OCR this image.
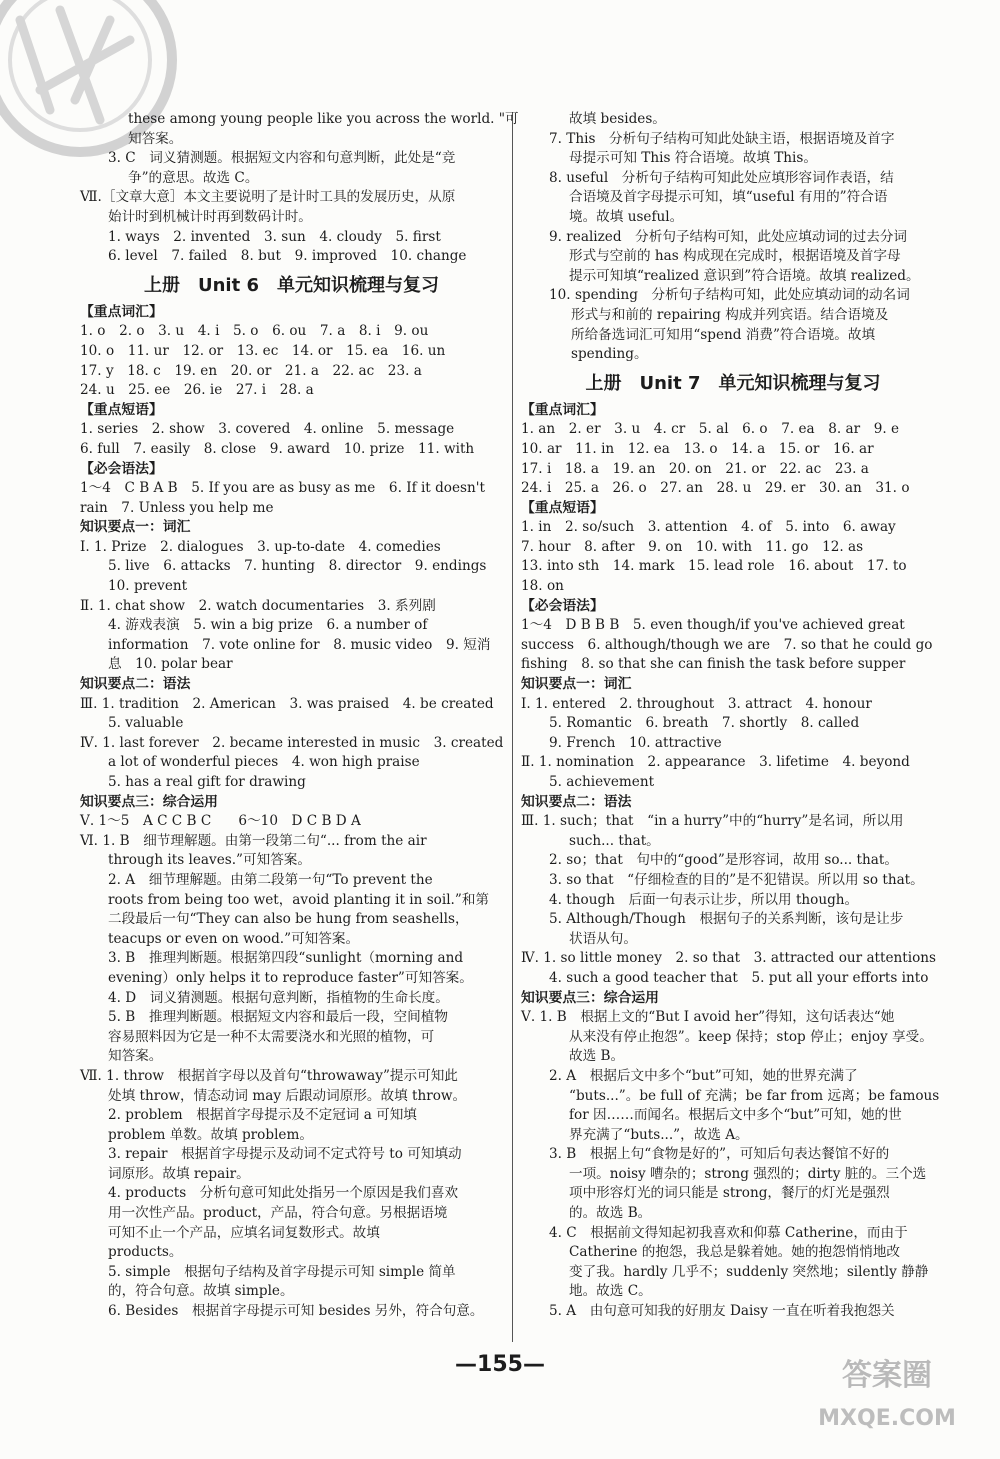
these among young people like you across the world. "可
知答案。
3. C　词义猜测题。根据短文内容和句意判断，此处是“竞
争”的意思。故选 C。
Ⅶ.［文章大意］本文主要说明了是计时工具的发展历史，从原
始计时到机械计时再到数码计时。
1. ways　2. invented　3. sun　4. cloudy　5. first
6. level　7. failed　8. but　9. improved　10. change
上册　Unit 6　单元知识梳理与复习
【重点词汇】
1. o　2. o　3. u　4. i　5. o　6. ou　7. a　8. i　9. ou
10. o　11. ur　12. or　13. ec　14. or　15. ea　16. un
17. y　18. c　19. en　20. or　21. a　22. ac　23. a
24. u　25. ee　26. ie　27. i　28. a
【重点短语】
1. series　2. show　3. covered　4. online　5. message
6. full　7. easily　8. close　9. award　10. prize　11. with
【必会语法】
1～4　C B A B　5. If you are as busy as me　6. If it doesn't
rain　7. Unless you help me
知识要点一：词汇
Ⅰ. 1. Prize　2. dialogues　3. up-to-date　4. comedies
5. live　6. attacks　7. hunting　8. director　9. endings
10. prevent
Ⅱ. 1. chat show　2. watch documentaries　3. 系列剧
4. 游戏表演　5. win a big prize　6. a number of
information　7. vote online for　8. music video　9. 短消
息　10. polar bear
知识要点二：语法
Ⅲ. 1. tradition　2. American　3. was praised　4. be created
5. valuable
Ⅳ. 1. last forever　2. became interested in music　3. created
a lot of wonderful pieces　4. won high praise
5. has a real gift for drawing
知识要点三：综合运用
Ⅴ. 1～5　A C C B C　　6～10　D C B D A
Ⅵ. 1. B　细节理解题。由第一段第二句“... from the air
through its leaves.”可知答案。
2. A　细节理解题。由第二段第一句“To prevent the
roots from being too wet，avoid planting it in soil.”和第
二段最后一句“They can also be hung from seashells，
teacups or even on wood.”可知答案。
3. B　推理判断题。根据第四段“sunlight（morning and
evening）only helps it to reproduce faster”可知答案。
4. D　词义猜测题。根据句意判断，指植物的生命长度。
5. B　推理判断题。根据短文内容和最后一段，空间植物
容易照料因为它是一种不太需要浇水和光照的植物，可
知答案。
Ⅶ. 1. throw　根据首字母以及首句“throwaway”提示可知此
处填 throw，情态动词 may 后跟动词原形。故填 throw。
2. problem　根据首字母提示及不定冠词 a 可知填
problem 单数。故填 problem。
3. repair　根据首字母提示及动词不定式符号 to 可知填动
词原形。故填 repair。
4. products　分析句意可知此处指另一个原因是我们喜欢
用一次性产品。product，产品，符合句意。另根据语境
可知不止一个产品，应填名词复数形式。故填
products。
5. simple　根据句子结构及首字母提示可知 simple 简单
的，符合句意。故填 simple。
6. Besides　根据首字母提示可知 besides 另外，符合句意。
故填 besides。
7. This　分析句子结构可知此处缺主语，根据语境及首字
母提示可知 This 符合语境。故填 This。
8. useful　分析句子结构可知此处应填形容词作表语，结
合语境及首字母提示可知，填“useful 有用的”符合语
境。故填 useful。
9. realized　分析句子结构可知，此处应填动词的过去分词
形式与空前的 has 构成现在完成时，根据语境及首字母
提示可知填“realized 意识到”符合语境。故填 realized。
10. spending　分析句子结构可知，此处应填动词的动名词
形式与和前的 repairing 构成并列宾语。结合语境及
所给备选词汇可知用“spend 消费”符合语境。故填
spending。
上册　Unit 7　单元知识梳理与复习
【重点词汇】
1. an　2. er　3. u　4. cr　5. al　6. o　7. ea　8. ar　9. e
10. ar　11. in　12. ea　13. o　14. a　15. or　16. ar
17. i　18. a　19. an　20. on　21. or　22. ac　23. a
24. i　25. a　26. o　27. an　28. u　29. er　30. an　31. o
【重点短语】
1. in　2. so/such　3. attention　4. of　5. into　6. away
7. hour　8. after　9. on　10. with　11. go　12. as
13. into sth　14. mark　15. lead role　16. about　17. to
18. on
【必会语法】
1～4　D B B B　5. even though/if you've achieved great
success　6. although/though we are　7. so that he could go
fishing　8. so that she can finish the task before supper
知识要点一：词汇
Ⅰ. 1. entered　2. throughout　3. attract　4. honour
5. Romantic　6. breath　7. shortly　8. called
9. French　10. attractive
Ⅱ. 1. nomination　2. appearance　3. lifetime　4. beyond
5. achievement
知识要点二：语法
Ⅲ. 1. such；that　“in a hurry”中的“hurry”是名词，所以用
such... that。
2. so；that　句中的“good”是形容词，故用 so... that。
3. so that　“仔细检查的目的”是不犯错误。所以用 so that。
4. though　后面一句表示让步，所以用 though。
5. Although/Though　根据句子的关系判断，该句是让步
状语从句。
Ⅳ. 1. so little money　2. so that　3. attracted our attentions
4. such a good teacher that　5. put all your efforts into
知识要点三：综合运用
Ⅴ. 1. B　根据上文的“But I avoid her”得知，这句话表达“她
从来没有停止抱怨”。keep 保持；stop 停止；enjoy 享受。
故选 B。
2. A　根据后文中多个“but”可知，她的世界充满了
“buts...”。be full of 充满；be far from 远离；be famous
for 因……而闻名。根据后文中多个“but”可知，她的世
界充满了“buts...”，故选 A。
3. B　根据上句“食物是好的”，可知后句表达餐馆不好的
一项。noisy 嘈杂的；strong 强烈的；dirty 脏的。三个选
项中形容灯光的词只能是 strong，餐厅的灯光是强烈
的。故选 B。
4. C　根据前文得知起初我喜欢和仰慕 Catherine，而由于
Catherine 的抱怨，我总是躲着她。她的抱怨悄悄地改
变了我。hardly 几乎不；suddenly 突然地；silently 静静
地。故选 C。
5. A　由句意可知我的好朋友 Daisy 一直在听着我抱怨关
—155—	答案圈
MXQE.COM
